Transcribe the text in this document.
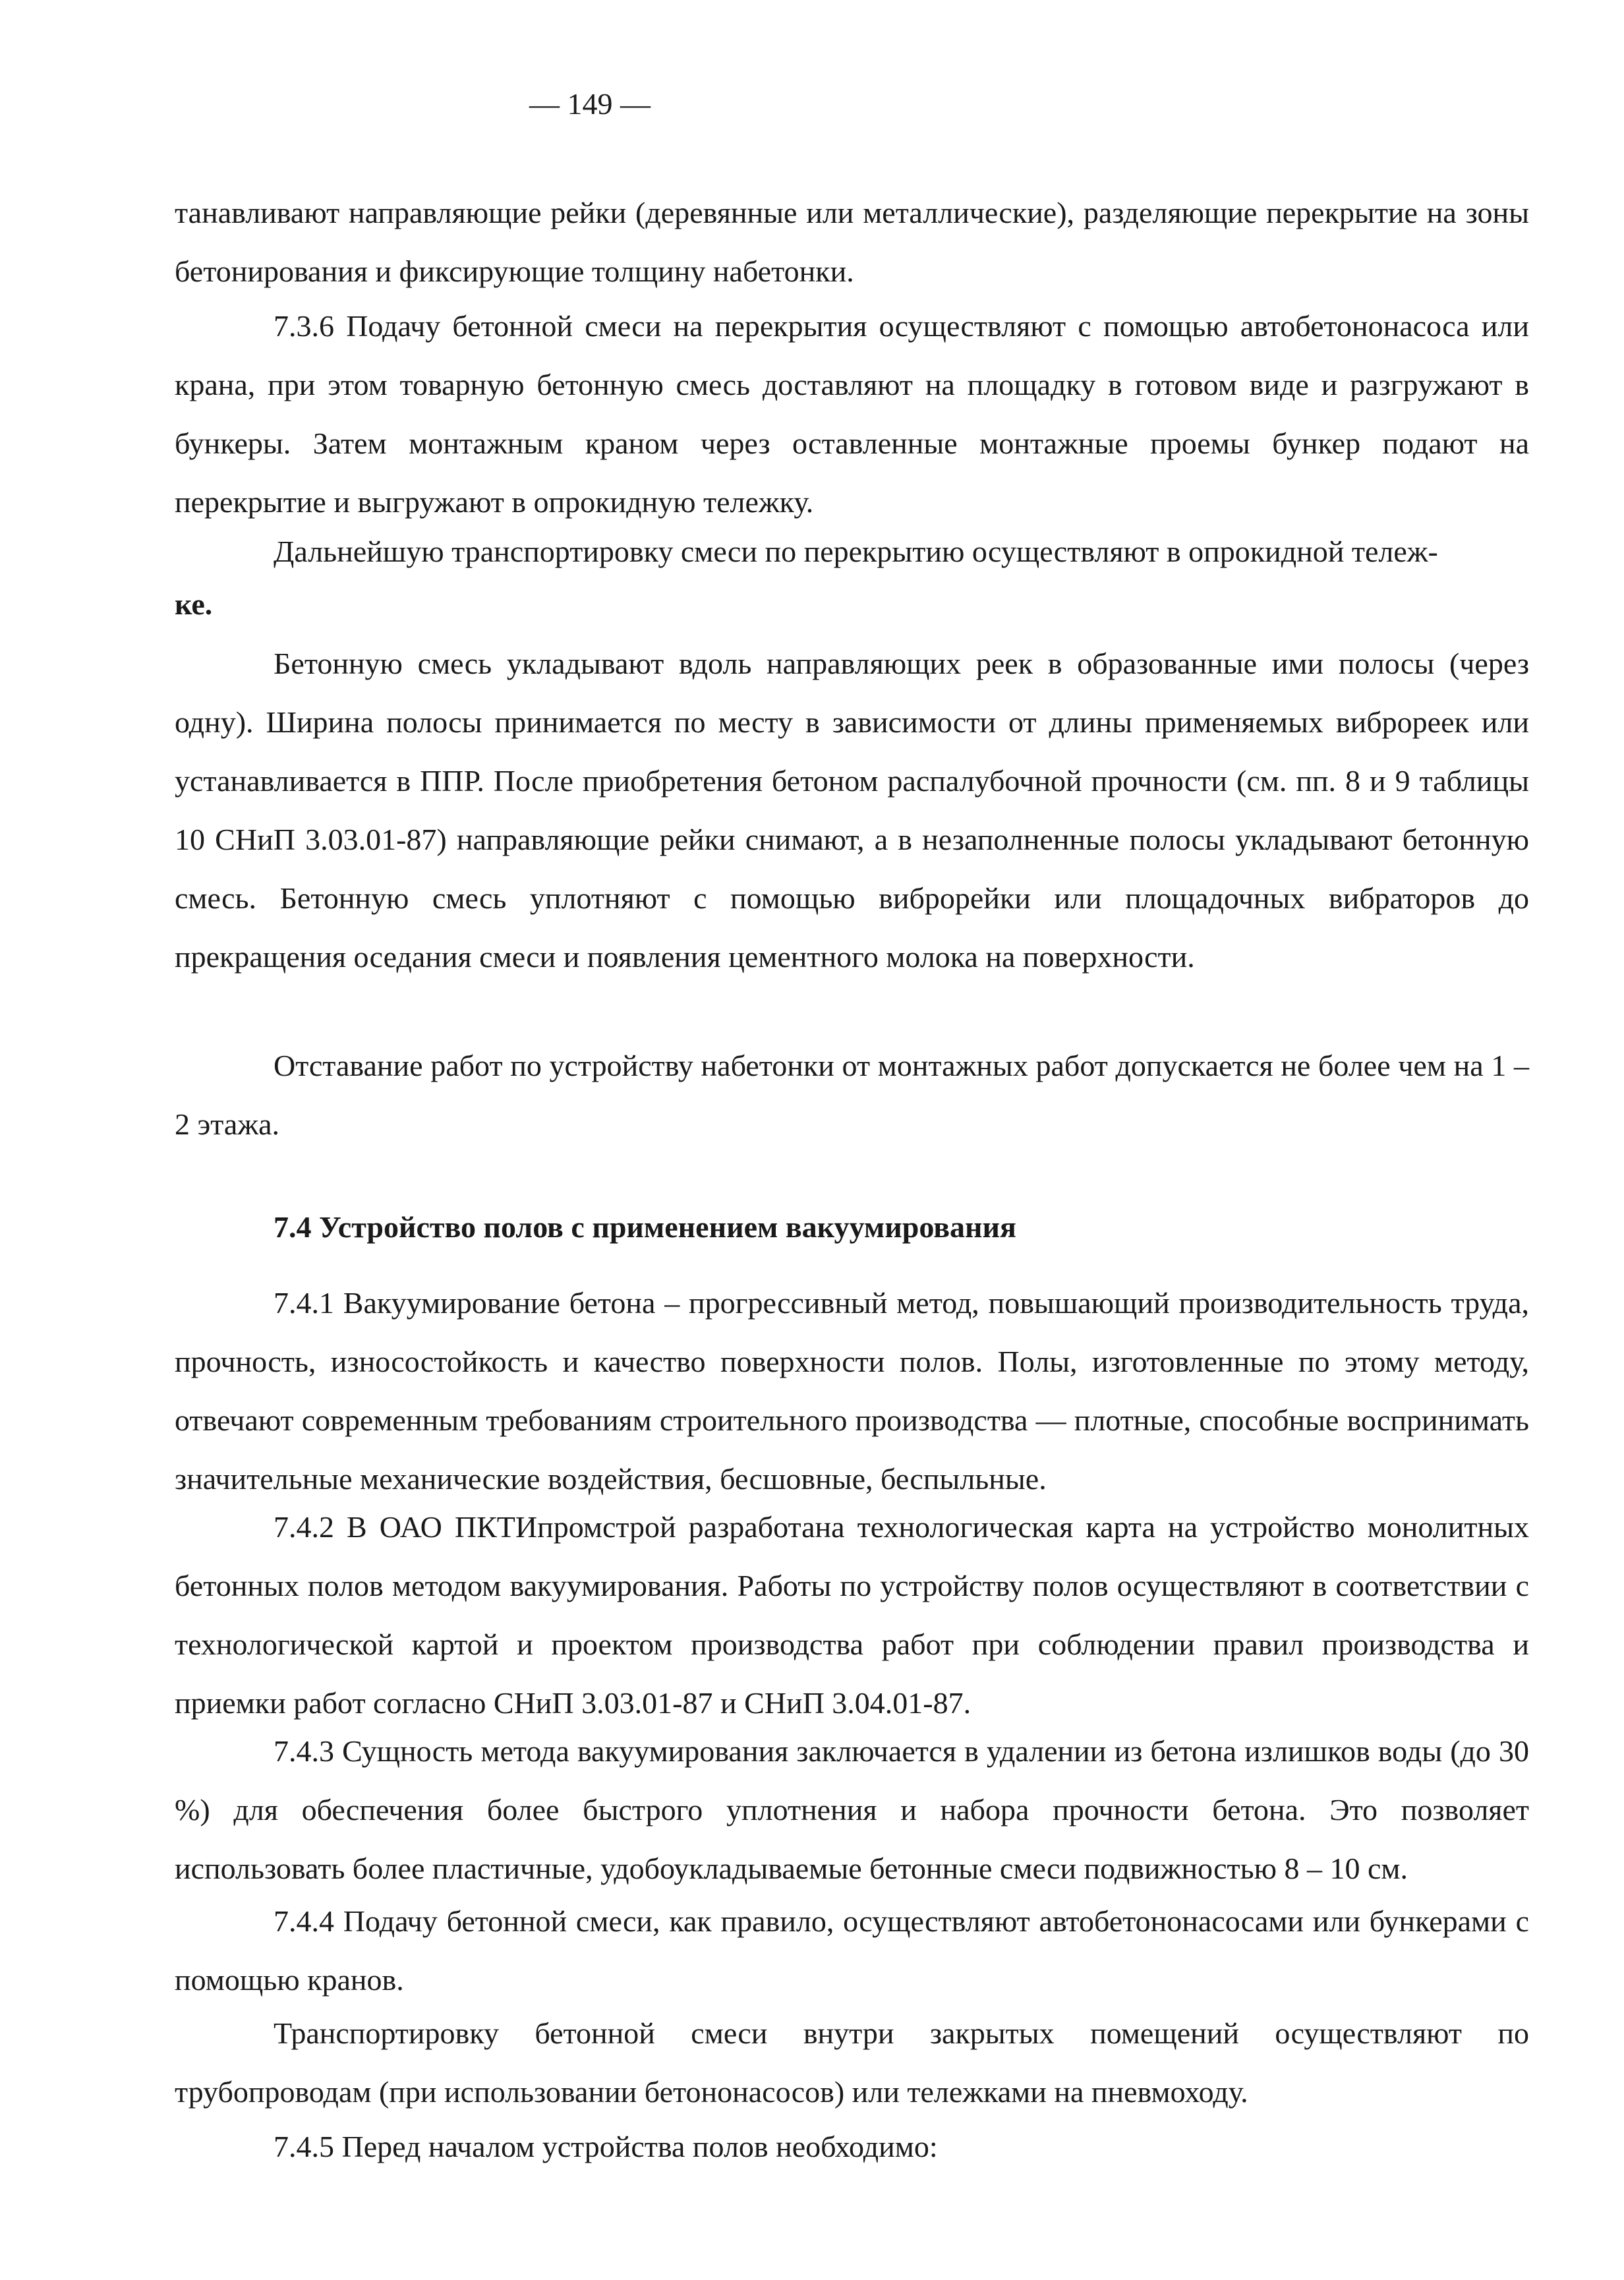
— 149 —

танавливают направляющие рейки (деревянные или металлические), разделяющие перекрытие на зоны бетонирования и фиксирующие толщину набетонки.

7.3.6 Подачу бетонной смеси на перекрытия осуществляют с помощью автобетононасоса или крана, при этом товарную бетонную смесь доставляют на площадку в готовом виде и разгружают в бункеры. Затем монтажным краном через оставленные монтажные проемы бункер подают на перекрытие и выгружают в опрокидную тележку.

Дальнейшую транспортировку смеси по перекрытию осуществляют в опрокидной тележ-

ке.

Бетонную смесь укладывают вдоль направляющих реек в образованные ими полосы (через одну). Ширина полосы принимается по месту в зависимости от длины применяемых виброреек или устанавливается в ППР. После приобретения бетоном распалубочной прочности (см. пп. 8 и 9 таблицы 10 СНиП 3.03.01-87) направляющие рейки снимают, а в незаполненные полосы укладывают бетонную смесь. Бетонную смесь уплотняют с помощью виброрейки или площадочных вибраторов до прекращения оседания смеси и появления цементного молока на поверхности.

Отставание работ по устройству набетонки от монтажных работ допускается не более чем на 1 – 2 этажа.

7.4 Устройство полов с применением вакуумирования

7.4.1 Вакуумирование бетона – прогрессивный метод, повышающий производительность труда, прочность, износостойкость и качество поверхности полов. Полы, изготовленные по этому методу, отвечают современным требованиям строительного производства — плотные, способные воспринимать значительные механические воздействия, бесшовные, беспыльные.

7.4.2 В ОАО ПКТИпромстрой разработана технологическая карта на устройство монолитных бетонных полов методом вакуумирования. Работы по устройству полов осуществляют в соответствии с технологической картой и проектом производства работ при соблюдении правил производства и приемки работ согласно СНиП 3.03.01-87 и СНиП 3.04.01-87.

7.4.3 Сущность метода вакуумирования заключается в удалении из бетона излишков воды (до 30 %) для обеспечения более быстрого уплотнения и набора прочности бетона. Это позволяет использовать более пластичные, удобоукладываемые бетонные смеси подвижностью 8 – 10 см.

7.4.4 Подачу бетонной смеси, как правило, осуществляют автобетононасосами или бункерами с помощью кранов.

Транспортировку бетонной смеси внутри закрытых помещений осуществляют по трубопроводам (при использовании бетононасосов) или тележками на пневмоходу.

7.4.5 Перед началом устройства полов необходимо:
